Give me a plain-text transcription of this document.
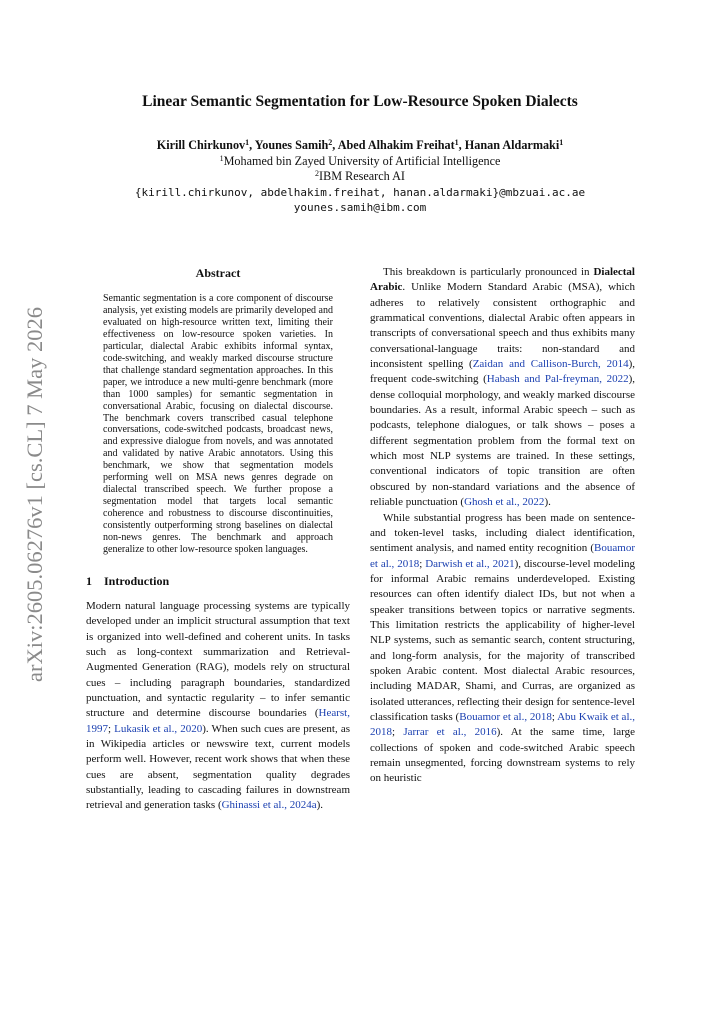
arXiv:2605.06276v1 [cs.CL] 7 May 2026
Linear Semantic Segmentation for Low-Resource Spoken Dialects
Kirill Chirkunov$^1$, Younes Samih$^2$, Abed Alhakim Freihat$^1$, Hanan Aldarmaki$^1$
$^1$Mohamed bin Zayed University of Artificial Intelligence
$^2$IBM Research AI
{kirill.chirkunov, abdelhakim.freihat, hanan.aldarmaki}@mbzuai.ac.ae
younes.samih@ibm.com
Abstract

Semantic segmentation is a core component of discourse analysis, yet existing models are primarily developed and evaluated on high-resource written text, limiting their effectiveness on low-resource spoken varieties. In particular, dialectal Arabic exhibits informal syntax, code-switching, and weakly marked discourse structure that challenge standard segmentation approaches. In this paper, we introduce a new multi-genre benchmark (more than 1000 samples) for semantic segmentation in conversational Arabic, focusing on dialectal discourse. The benchmark covers transcribed casual telephone conversations, code-switched podcasts, broadcast news, and expressive dialogue from novels, and was annotated and validated by native Arabic annotators. Using this benchmark, we show that segmentation models performing well on MSA news genres degrade on dialectal transcribed speech. We further propose a segmentation model that targets local semantic coherence and robustness to discourse discontinuities, consistently outperforming strong baselines on dialectal non-news genres. The benchmark and approach generalize to other low-resource spoken languages.

1 Introduction

Modern natural language processing systems are typically developed under an implicit structural assumption that text is organized into well-defined and coherent units. In tasks such as long-context summarization and Retrieval-Augmented Generation (RAG), models rely on structural cues – including paragraph boundaries, standardized punctuation, and syntactic regularity – to infer semantic structure and determine discourse boundaries (Hearst, 1997; Lukasik et al., 2020). When such cues are present, as in Wikipedia articles or newswire text, current models perform well. However, recent work shows that when these cues are absent, segmentation quality degrades substantially, leading to cascading failures in downstream retrieval and generation tasks (Ghinassi et al., 2024a).

This breakdown is particularly pronounced in Dialectal Arabic. Unlike Modern Standard Arabic (MSA), which adheres to relatively consistent orthographic and grammatical conventions, dialectal Arabic often appears in transcripts of conversational speech and thus exhibits many conversational-language traits: non-standard and inconsistent spelling (Zaidan and Callison-Burch, 2014), frequent code-switching (Habash and Pal-freyman, 2022), dense colloquial morphology, and weakly marked discourse boundaries. As a result, informal Arabic speech – such as podcasts, telephone dialogues, or talk shows – poses a different segmentation problem from the formal text on which most NLP systems are trained. In these settings, conventional indicators of topic transition are often obscured by non-standard variations and the absence of reliable punctuation (Ghosh et al., 2022).

While substantial progress has been made on sentence- and token-level tasks, including dialect identification, sentiment analysis, and named entity recognition (Bouamor et al., 2018; Darwish et al., 2021), discourse-level modeling for informal Arabic remains underdeveloped. Existing resources can often identify dialect IDs, but not when a speaker transitions between topics or narrative segments. This limitation restricts the applicability of higher-level NLP systems, such as semantic search, content structuring, and long-form analysis, for the majority of transcribed spoken Arabic content. Most dialectal Arabic resources, including MADAR, Shami, and Curras, are organized as isolated utterances, reflecting their design for sentence-level classification tasks (Bouamor et al., 2018; Abu Kwaik et al., 2018; Jarrar et al., 2016). At the same time, large collections of spoken and code-switched Arabic speech remain unsegmented, forcing downstream systems to rely on heuristic
